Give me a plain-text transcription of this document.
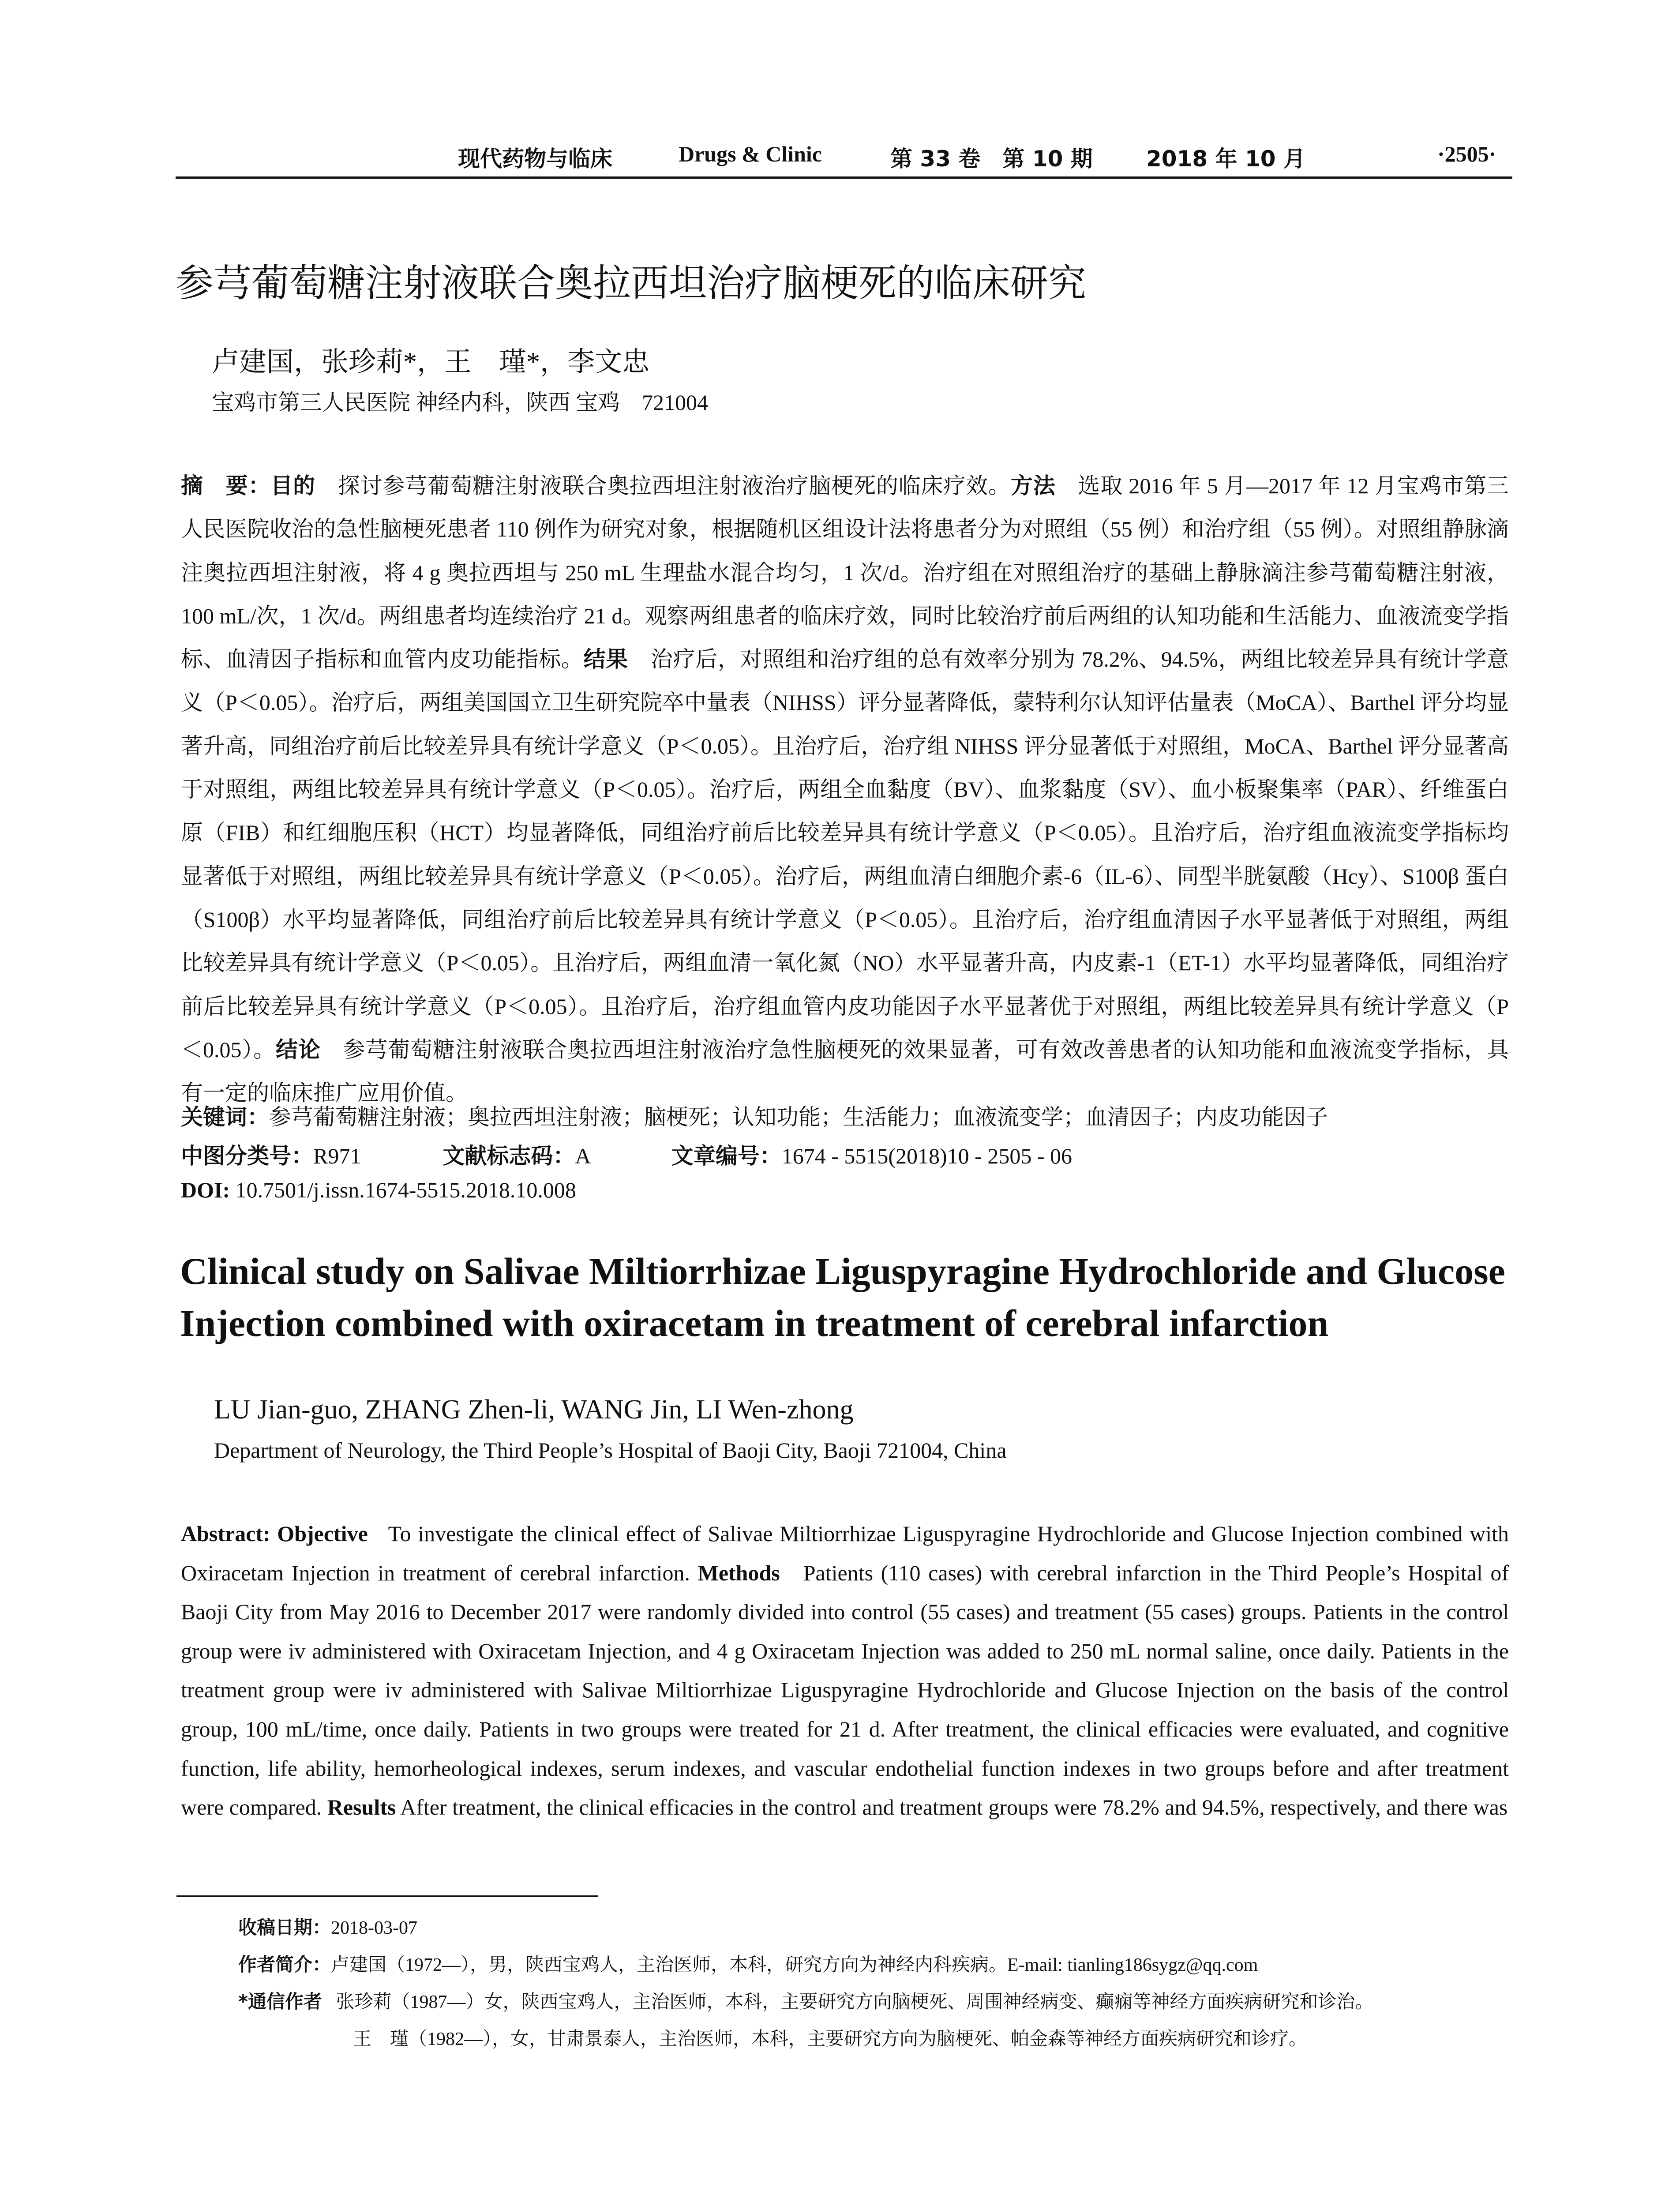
现代药物与临床	Drugs & Clinic	第 33 卷　第 10 期 2018 年 10 月	·2505·
参芎葡萄糖注射液联合奥拉西坦治疗脑梗死的临床研究
卢建国，张珍莉*，王　瑾*，李文忠
宝鸡市第三人民医院 神经内科，陕西 宝鸡　721004
摘　要：目的　探讨参芎葡萄糖注射液联合奥拉西坦注射液治疗脑梗死的临床疗效。方法　选取 2016 年 5 月—2017 年 12 月宝鸡市第三人民医院收治的急性脑梗死患者 110 例作为研究对象，根据随机区组设计法将患者分为对照组（55 例）和治疗组（55 例）。对照组静脉滴注奥拉西坦注射液，将 4 g 奥拉西坦与 250 mL 生理盐水混合均匀，1 次/d。治疗组在对照组治疗的基础上静脉滴注参芎葡萄糖注射液，100 mL/次，1 次/d。两组患者均连续治疗 21 d。观察两组患者的临床疗效，同时比较治疗前后两组的认知功能和生活能力、血液流变学指标、血清因子指标和血管内皮功能指标。结果　治疗后，对照组和治疗组的总有效率分别为 78.2%、94.5%，两组比较差异具有统计学意义（P＜0.05）。治疗后，两组美国国立卫生研究院卒中量表（NIHSS）评分显著降低，蒙特利尔认知评估量表（MoCA）、Barthel 评分均显著升高，同组治疗前后比较差异具有统计学意义（P＜0.05）。且治疗后，治疗组 NIHSS 评分显著低于对照组，MoCA、Barthel 评分显著高于对照组，两组比较差异具有统计学意义（P＜0.05）。治疗后，两组全血黏度（BV）、血浆黏度（SV）、血小板聚集率（PAR）、纤维蛋白原（FIB）和红细胞压积（HCT）均显著降低，同组治疗前后比较差异具有统计学意义（P＜0.05）。且治疗后，治疗组血液流变学指标均显著低于对照组，两组比较差异具有统计学意义（P＜0.05）。治疗后，两组血清白细胞介素-6（IL-6）、同型半胱氨酸（Hcy）、S100β 蛋白（S100β）水平均显著降低，同组治疗前后比较差异具有统计学意义（P＜0.05）。且治疗后，治疗组血清因子水平显著低于对照组，两组比较差异具有统计学意义（P＜0.05）。且治疗后，两组血清一氧化氮（NO）水平显著升高，内皮素-1（ET-1）水平均显著降低，同组治疗前后比较差异具有统计学意义（P＜0.05）。且治疗后，治疗组血管内皮功能因子水平显著优于对照组，两组比较差异具有统计学意义（P＜0.05）。结论　参芎葡萄糖注射液联合奥拉西坦注射液治疗急性脑梗死的效果显著，可有效改善患者的认知功能和血液流变学指标，具有一定的临床推广应用价值。
关键词：参芎葡萄糖注射液；奥拉西坦注射液；脑梗死；认知功能；生活能力；血液流变学；血清因子；内皮功能因子
中图分类号：R971	文献标志码：A	文章编号：1674 - 5515(2018)10 - 2505 - 06
DOI: 10.7501/j.issn.1674-5515.2018.10.008
Clinical study on Salivae Miltiorrhizae Liguspyragine Hydrochloride and Glucose Injection combined with oxiracetam in treatment of cerebral infarction
LU Jian-guo, ZHANG Zhen-li, WANG Jin, LI Wen-zhong
Department of Neurology, the Third People’s Hospital of Baoji City, Baoji 721004, China
Abstract: Objective To investigate the clinical effect of Salivae Miltiorrhizae Liguspyragine Hydrochloride and Glucose Injection combined with Oxiracetam Injection in treatment of cerebral infarction. Methods Patients (110 cases) with cerebral infarction in the Third People’s Hospital of Baoji City from May 2016 to December 2017 were randomly divided into control (55 cases) and treatment (55 cases) groups. Patients in the control group were iv administered with Oxiracetam Injection, and 4 g Oxiracetam Injection was added to 250 mL normal saline, once daily. Patients in the treatment group were iv administered with Salivae Miltiorrhizae Liguspyragine Hydrochloride and Glucose Injection on the basis of the control group, 100 mL/time, once daily. Patients in two groups were treated for 21 d. After treatment, the clinical efficacies were evaluated, and cognitive function, life ability, hemorheological indexes, serum indexes, and vascular endothelial function indexes in two groups before and after treatment were compared. Results After treatment, the clinical efficacies in the control and treatment groups were 78.2% and 94.5%, respectively, and there was
收稿日期：2018-03-07
作者简介：卢建国（1972—），男，陕西宝鸡人，主治医师，本科，研究方向为神经内科疾病。E-mail: tianling186sygz@qq.com
*通信作者 张珍莉（1987—）女，陕西宝鸡人，主治医师，本科，主要研究方向脑梗死、周围神经病变、癫痫等神经方面疾病研究和诊治。
王　瑾（1982—），女，甘肃景泰人，主治医师，本科，主要研究方向为脑梗死、帕金森等神经方面疾病研究和诊疗。
